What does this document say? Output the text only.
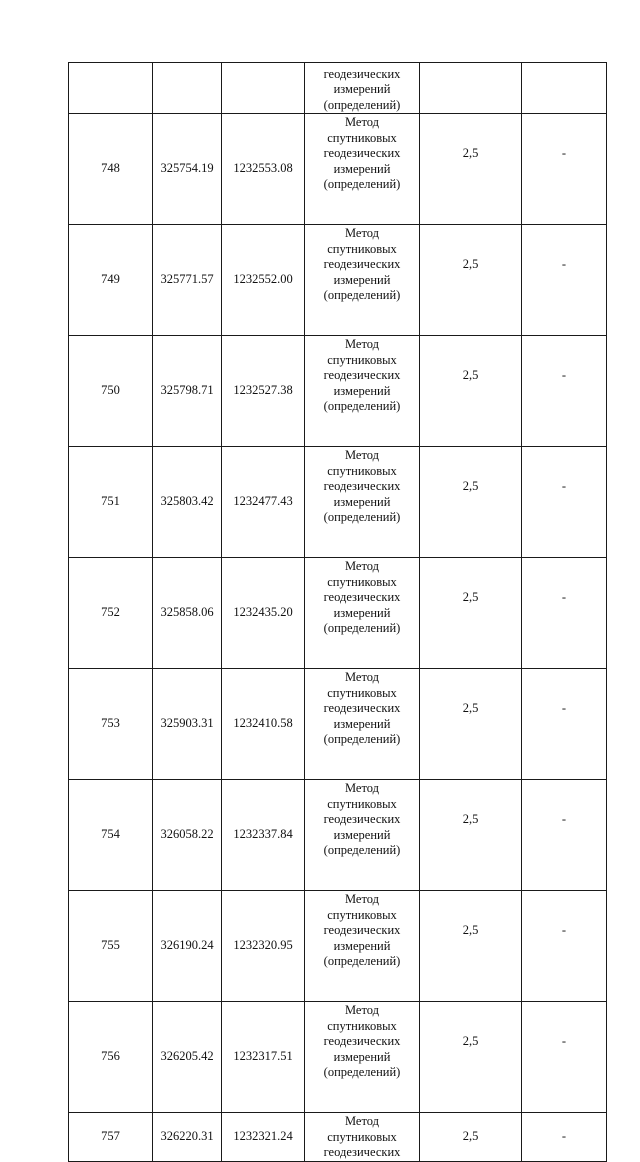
			геодезических
измерений
(определений)		

748	325754.19	1232553.08	Метод
спутниковых
геодезических
измерений
(определений)	2,5	-
749	325771.57	1232552.00	Метод
спутниковых
геодезических
измерений
(определений)	2,5	-
750	325798.71	1232527.38	Метод
спутниковых
геодезических
измерений
(определений)	2,5	-
751	325803.42	1232477.43	Метод
спутниковых
геодезических
измерений
(определений)	2,5	-
752	325858.06	1232435.20	Метод
спутниковых
геодезических
измерений
(определений)	2,5	-
753	325903.31	1232410.58	Метод
спутниковых
геодезических
измерений
(определений)	2,5	-
754	326058.22	1232337.84	Метод
спутниковых
геодезических
измерений
(определений)	2,5	-
755	326190.24	1232320.95	Метод
спутниковых
геодезических
измерений
(определений)	2,5	-
756	326205.42	1232317.51	Метод
спутниковых
геодезических
измерений
(определений)	2,5	-
757	326220.31	1232321.24	Метод
спутниковых
геодезических	2,5	-
